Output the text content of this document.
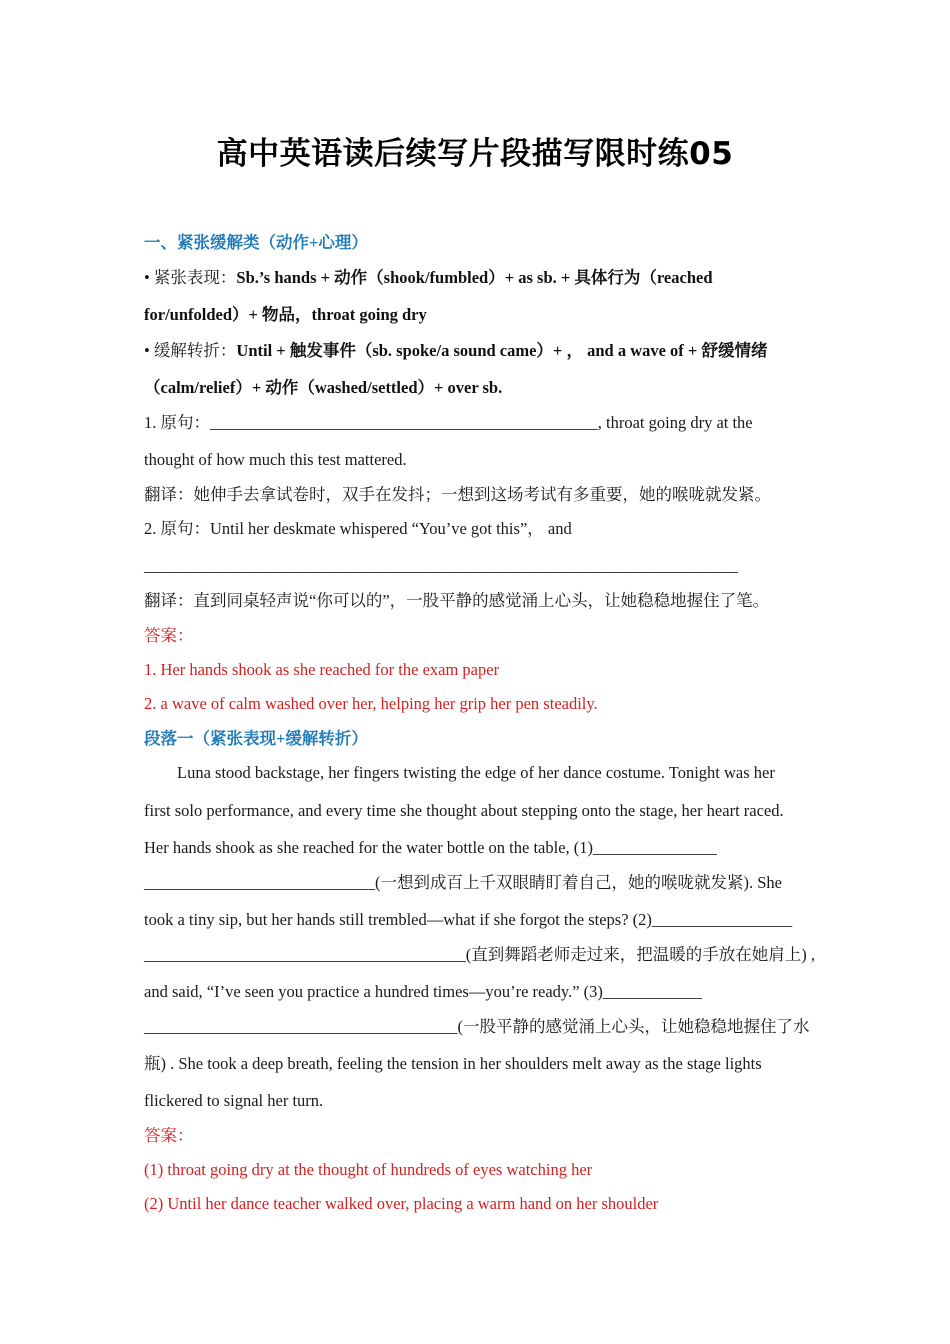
高中英语读后续写片段描写限时练05
一、紧张缓解类（动作+心理）
• 紧张表现：Sb.’s hands + 动作（shook/fumbled）+ as sb. + 具体行为（reached
for/unfolded）+ 物品，throat going dry
• 缓解转折：Until + 触发事件（sb. spoke/a sound came）+ ， and a wave of + 舒缓情绪
（calm/relief）+ 动作（washed/settled）+ over sb.
1. 原句：_______________________________________________, throat going dry at the
thought of how much this test mattered.
翻译：她伸手去拿试卷时，双手在发抖；一想到这场考试有多重要，她的喉咙就发紧。
2. 原句：Until her deskmate whispered “You’ve got this”， and
________________________________________________________________________
翻译：直到同桌轻声说“你可以的”，一股平静的感觉涌上心头，让她稳稳地握住了笔。
答案：
1. Her hands shook as she reached for the exam paper
2. a wave of calm washed over her, helping her grip her pen steadily.
段落一（紧张表现+缓解转折）
Luna stood backstage, her fingers twisting the edge of her dance costume. Tonight was her
first solo performance, and every time she thought about stepping onto the stage, her heart raced.
Her hands shook as she reached for the water bottle on the table, (1)_______________
____________________________(一想到成百上千双眼睛盯着自己，她的喉咙就发紧). She
took a tiny sip, but her hands still trembled—what if she forgot the steps? (2)_________________
_______________________________________(直到舞蹈老师走过来，把温暖的手放在她肩上) ,
and said, “I’ve seen you practice a hundred times—you’re ready.” (3)____________
______________________________________(一股平静的感觉涌上心头，让她稳稳地握住了水
瓶) . She took a deep breath, feeling the tension in her shoulders melt away as the stage lights
flickered to signal her turn.
答案：
(1) throat going dry at the thought of hundreds of eyes watching her
(2) Until her dance teacher walked over, placing a warm hand on her shoulder
